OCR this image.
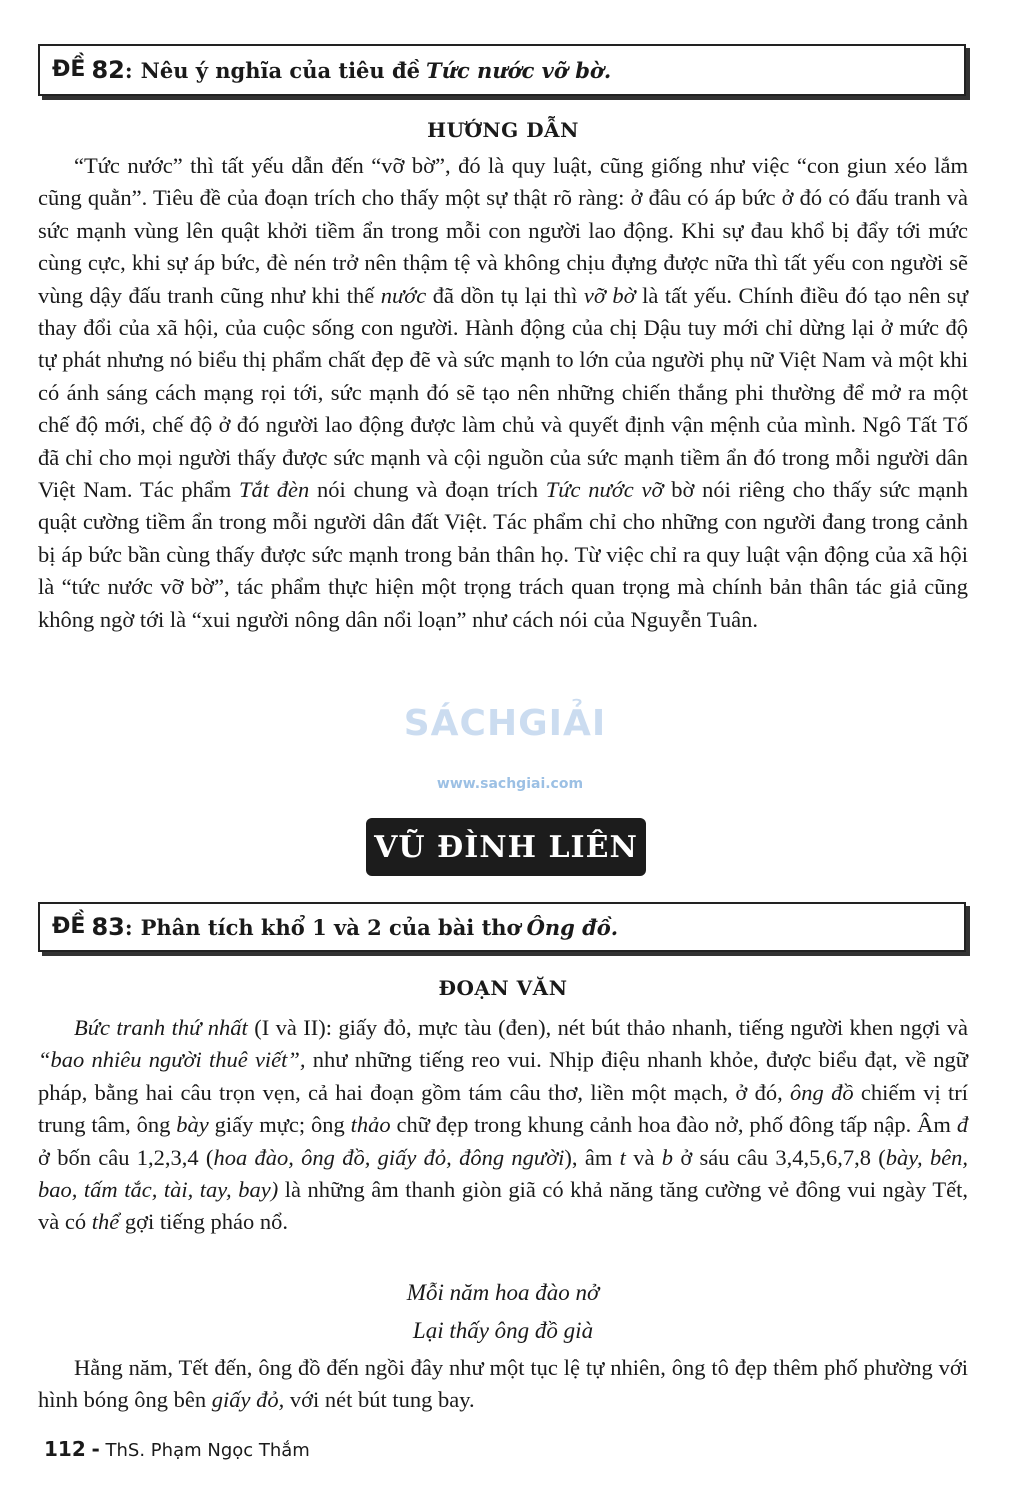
ĐỀ 82 : Nêu ý nghĩa của tiêu đề Tức nước vỡ bờ.
HƯỚNG DẪN

“Tức nước” thì tất yếu dẫn đến “vỡ bờ”, đó là quy luật, cũng giống như việc “con giun xéo lắm cũng quằn”. Tiêu đề của đoạn trích cho thấy một sự thật rõ ràng: ở đâu có áp bức ở đó có đấu tranh và sức mạnh vùng lên quật khởi tiềm ẩn trong mỗi con người lao động. Khi sự đau khổ bị đẩy tới mức cùng cực, khi sự áp bức, đè nén trở nên thậm tệ và không chịu đựng được nữa thì tất yếu con người sẽ vùng dậy đấu tranh cũng như khi thế nước đã dồn tụ lại thì vỡ bờ là tất yếu. Chính điều đó tạo nên sự thay đổi của xã hội, của cuộc sống con người. Hành động của chị Dậu tuy mới chỉ dừng lại ở mức độ tự phát nhưng nó biểu thị phẩm chất đẹp đẽ và sức mạnh to lớn của người phụ nữ Việt Nam và một khi có ánh sáng cách mạng rọi tới, sức mạnh đó sẽ tạo nên những chiến thắng phi thường để mở ra một chế độ mới, chế độ ở đó người lao động được làm chủ và quyết định vận mệnh của mình. Ngô Tất Tố đã chỉ cho mọi người thấy được sức mạnh và cội nguồn của sức mạnh tiềm ẩn đó trong mỗi người dân Việt Nam. Tác phẩm Tắt đèn nói chung và đoạn trích Tức nước vỡ bờ nói riêng cho thấy sức mạnh quật cường tiềm ẩn trong mỗi người dân đất Việt. Tác phẩm chỉ cho những con người đang trong cảnh bị áp bức bần cùng thấy được sức mạnh trong bản thân họ. Từ việc chỉ ra quy luật vận động của xã hội là “tức nước vỡ bờ”, tác phẩm thực hiện một trọng trách quan trọng mà chính bản thân tác giả cũng không ngờ tới là “xui người nông dân nổi loạn” như cách nói của Nguyễn Tuân.

SÁCHGIẢI
www.sachgiai.com
VŨ ĐÌNH LIÊN
ĐỀ 83 : Phân tích khổ 1 và 2 của bài thơ Ông đồ.
ĐOẠN VĂN

Bức tranh thứ nhất (I và II): giấy đỏ, mực tàu (đen), nét bút thảo nhanh, tiếng người khen ngợi và “bao nhiêu người thuê viết”, như những tiếng reo vui. Nhịp điệu nhanh khỏe, được biểu đạt, về ngữ pháp, bằng hai câu trọn vẹn, cả hai đoạn gồm tám câu thơ, liền một mạch, ở đó, ông đồ chiếm vị trí trung tâm, ông bày giấy mực; ông thảo chữ đẹp trong khung cảnh hoa đào nở, phố đông tấp nập. Âm đ ở bốn câu 1,2,3,4 (hoa đào, ông đồ, giấy đỏ, đông người), âm t và b ở sáu câu 3,4,5,6,7,8 (bày, bên, bao, tấm tắc, tài, tay, bay) là những âm thanh giòn giã có khả năng tăng cường vẻ đông vui ngày Tết, và có thể gợi tiếng pháo nổ.

Mỗi năm hoa đào nở
Lại thấy ông đồ già

Hằng năm, Tết đến, ông đồ đến ngồi đây như một tục lệ tự nhiên, ông tô đẹp thêm phố phường với hình bóng ông bên giấy đỏ, với nét bút tung bay.

112 - ThS. Phạm Ngọc Thắm
